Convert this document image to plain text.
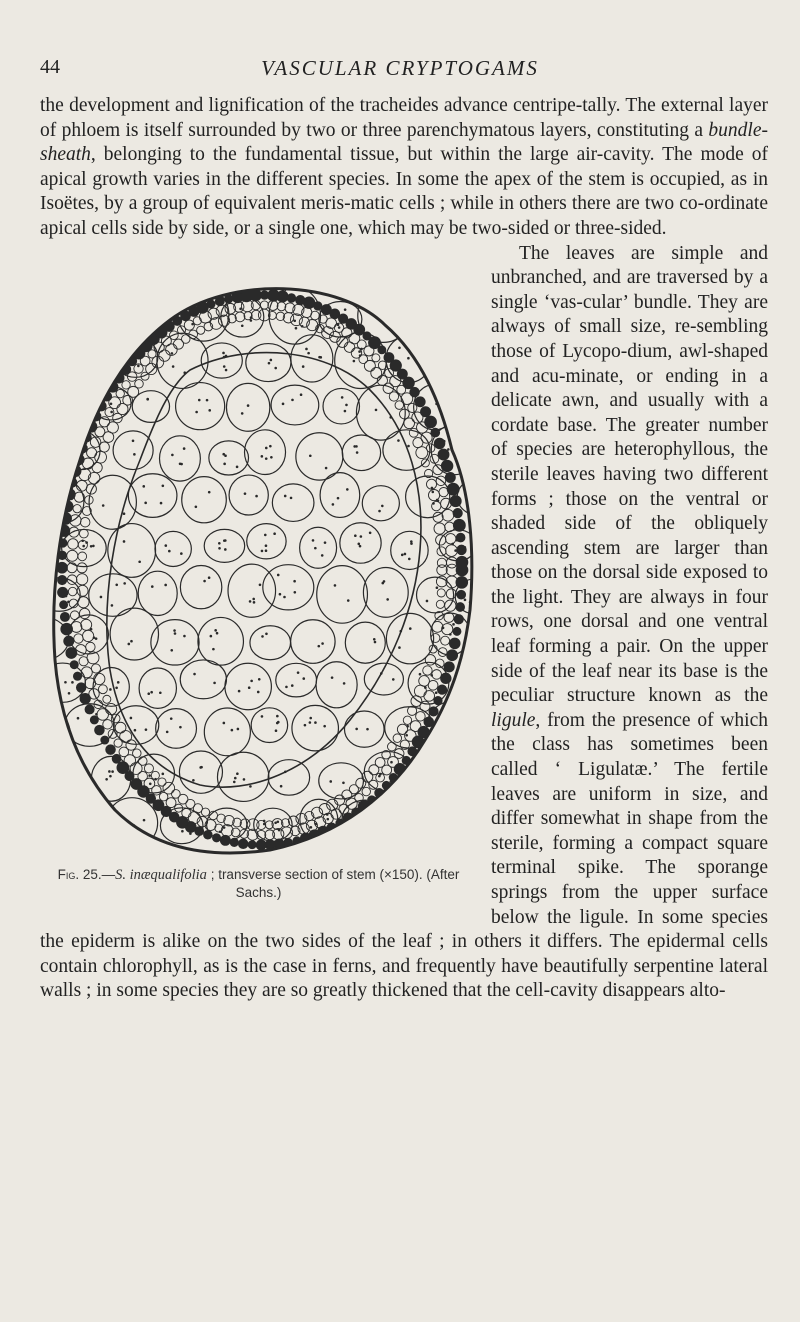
44	VASCULAR CRYPTOGAMS

the development and lignification of the tracheides advance centripe-tally. The external layer of phloem is itself surrounded by two or three parenchymatous layers, constituting a bundle-sheath, belonging to the fundamental tissue, but within the large air-cavity. The mode of apical growth varies in the different species. In some the apex of the stem is occupied, as in Isoëtes, by a group of equivalent meris-matic cells ; while in others there are two co-ordinate apical cells side by side, or a single one, which may be two-sided or three-sided.

Fig. 25.—S. inæqualifolia ; transverse section of stem (×150). (After Sachs.)

The leaves are simple and unbranched, and are traversed by a single ‘vas-cular’ bundle. They are always of small size, re-sembling those of Lycopo-dium, awl-shaped and acu-minate, or ending in a delicate awn, and usually with a cordate base. The greater number of species are heterophyllous, the sterile leaves having two different forms ; those on the ventral or shaded side of the obliquely ascending stem are larger than those on the dorsal side exposed to the light. They are always in four rows, one dorsal and one ventral leaf forming a pair. On the upper side of the leaf near its base is the peculiar structure known as the ligule, from the presence of which the class has sometimes been called ‘ Ligulatæ.’ The fertile leaves are uniform in size, and differ somewhat in shape from the sterile, forming a compact square terminal spike. The sporange springs from the upper surface below the ligule. In some species the epiderm is alike on the two sides of the leaf ; in others it differs. The epidermal cells contain chlorophyll, as is the case in ferns, and frequently have beautifully serpentine lateral walls ; in some species they are so greatly thickened that the cell-cavity disappears alto-
